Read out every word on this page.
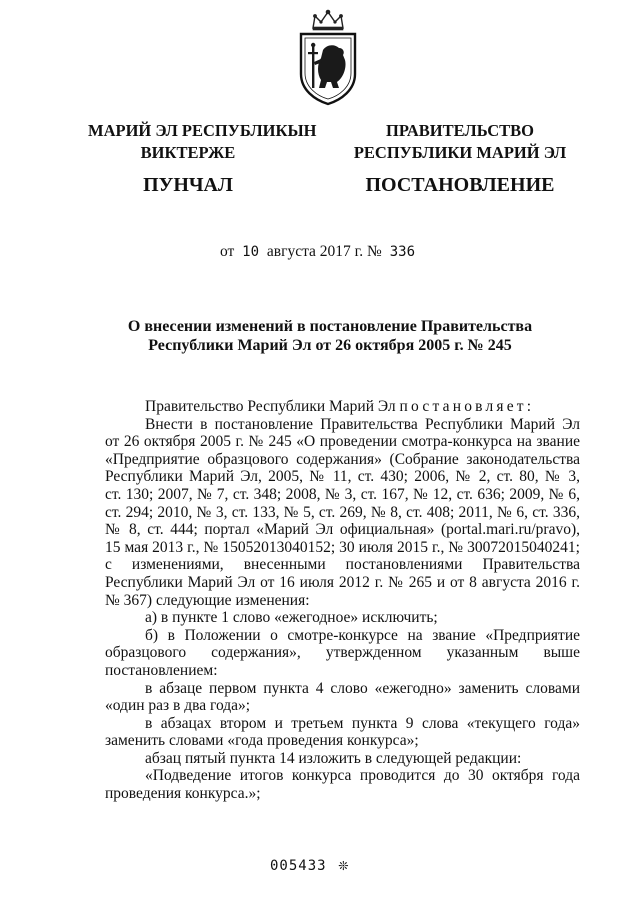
МАРИЙ ЭЛ РЕСПУБЛИКЫН
ВИКТЕРЖЕ
ПУНЧАЛ
ПРАВИТЕЛЬСТВО
РЕСПУБЛИКИ МАРИЙ ЭЛ
ПОСТАНОВЛЕНИЕ
от 10 августа 2017 г. № 336
О внесении изменений в постановление Правительства
Республики Марий Эл от 26 октября 2005 г. № 245
Правительство Республики Марий Эл постановляет:
Внести в постановление Правительства Республики Марий Эл
от 26 октября 2005 г. № 245 «О проведении смотра-конкурса на звание
«Предприятие образцового содержания» (Собрание законодательства
Республики Марий Эл, 2005, № 11, ст. 430; 2006, № 2, ст. 80, № 3,
ст. 130; 2007, № 7, ст. 348; 2008, № 3, ст. 167, № 12, ст. 636; 2009, № 6,
ст. 294; 2010, № 3, ст. 133, № 5, ст. 269, № 8, ст. 408; 2011, № 6, ст. 336,
№ 8, ст. 444; портал «Марий Эл официальная» (portal.mari.ru/pravo),
15 мая 2013 г., № 15052013040152; 30 июля 2015 г., № 30072015040241;
с изменениями, внесенными постановлениями Правительства
Республики Марий Эл от 16 июля 2012 г. № 265 и от 8 августа 2016 г.
№ 367) следующие изменения:
а) в пункте 1 слово «ежегодное» исключить;
б) в Положении о смотре-конкурсе на звание «Предприятие
образцового содержания», утвержденном указанным выше
постановлением:
в абзаце первом пункта 4 слово «ежегодно» заменить словами
«один раз в два года»;
в абзацах втором и третьем пункта 9 слова «текущего года»
заменить словами «года проведения конкурса»;
абзац пятый пункта 14 изложить в следующей редакции:
«Подведение итогов конкурса проводится до 30 октября года
проведения конкурса.»;
005433 ❊
